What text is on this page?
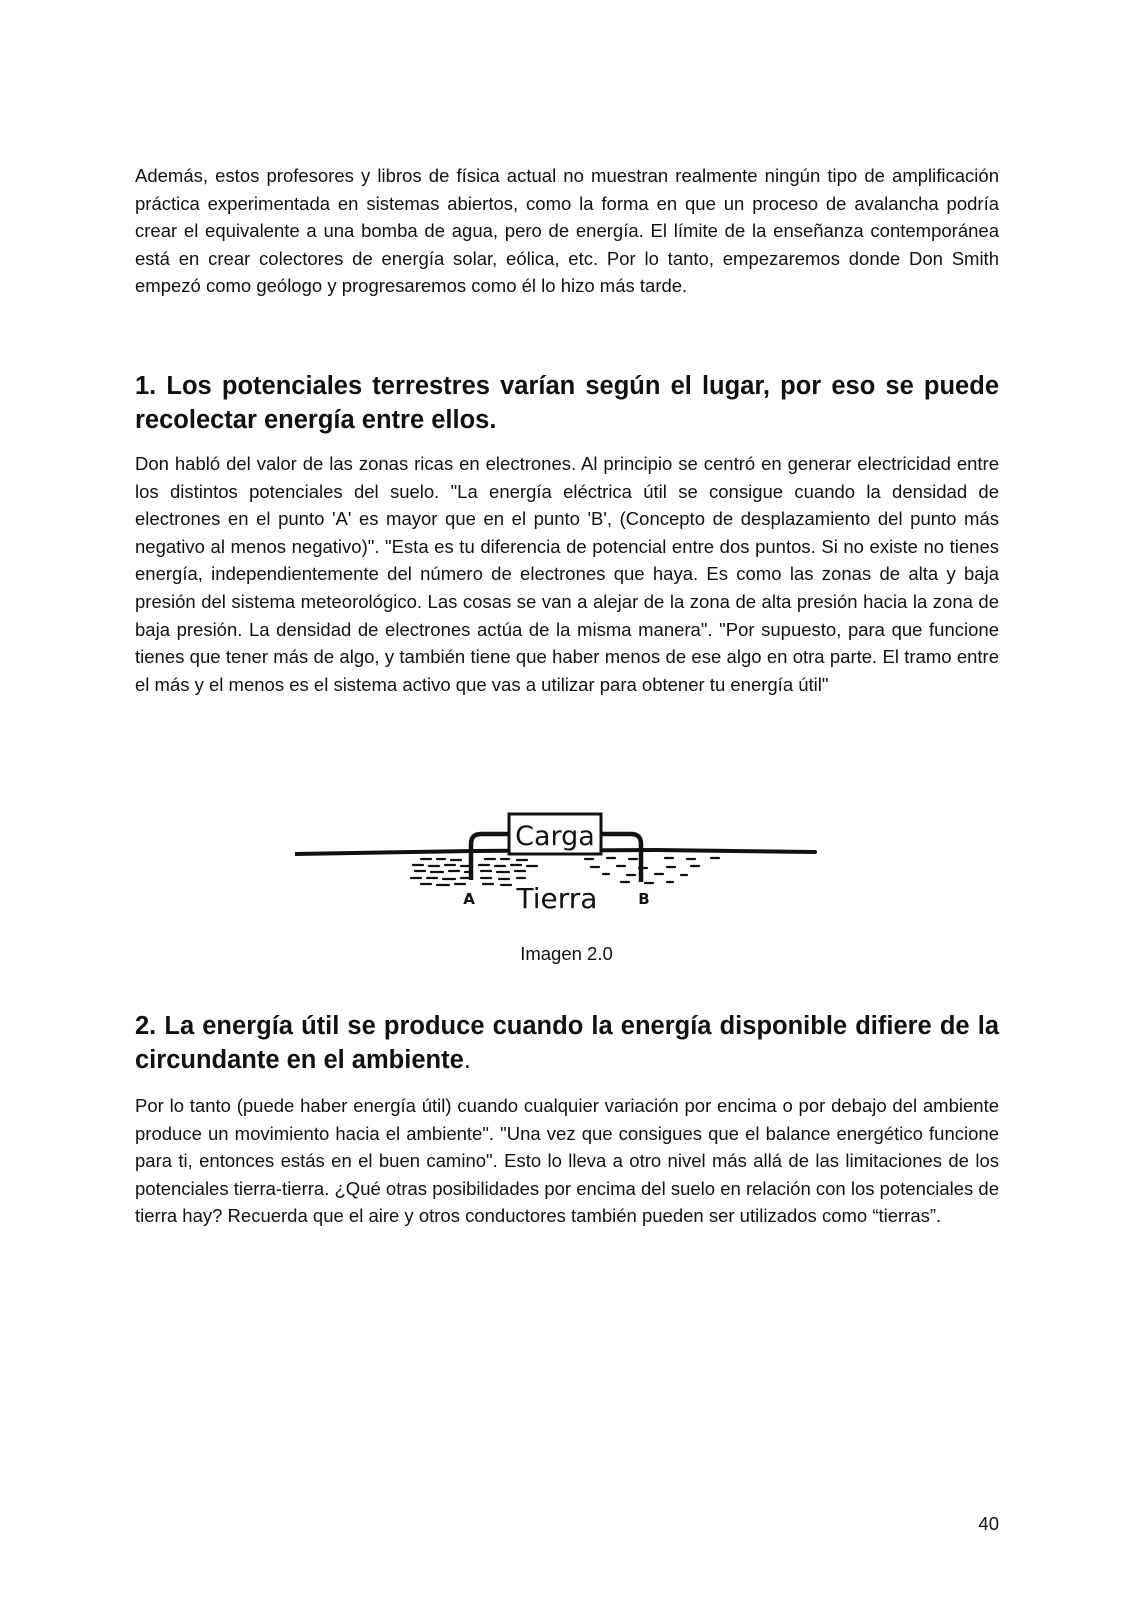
Además, estos profesores y libros de física actual no muestran realmente ningún tipo de amplificación práctica experimentada en sistemas abiertos, como la forma en que un proceso de avalancha podría crear el equivalente a una bomba de agua, pero de energía. El límite de la enseñanza contemporánea está en crear colectores de energía solar, eólica, etc. Por lo tanto, empezaremos donde Don Smith empezó como geólogo y progresaremos como él lo hizo más tarde.

1. Los potenciales terrestres varían según el lugar, por eso se puede recolectar energía entre ellos.

Don habló del valor de las zonas ricas en electrones. Al principio se centró en generar electricidad entre los distintos potenciales del suelo. "La energía eléctrica útil se consigue cuando la densidad de electrones en el punto 'A' es mayor que en el punto 'B', (Concepto de desplazamiento del punto más negativo al menos negativo)". "Esta es tu diferencia de potencial entre dos puntos. Si no existe no tienes energía, independientemente del número de electrones que haya. Es como las zonas de alta y baja presión del sistema meteorológico. Las cosas se van a alejar de la zona de alta presión hacia la zona de baja presión. La densidad de electrones actúa de la misma manera". "Por supuesto, para que funcione tienes que tener más de algo, y también tiene que haber menos de ese algo en otra parte. El tramo entre el más y el menos es el sistema activo que vas a utilizar para obtener tu energía útil"

Carga
A Tierra	B
Imagen 2.0
2. La energía útil se produce cuando la energía disponible difiere de la circundante en el ambiente.

Por lo tanto (puede haber energía útil) cuando cualquier variación por encima o por debajo del ambiente produce un movimiento hacia el ambiente". "Una vez que consigues que el balance energético funcione para ti, entonces estás en el buen camino". Esto lo lleva a otro nivel más allá de las limitaciones de los potenciales tierra-tierra. ¿Qué otras posibilidades por encima del suelo en relación con los potenciales de tierra hay? Recuerda que el aire y otros conductores también pueden ser utilizados como “tierras”.

40
